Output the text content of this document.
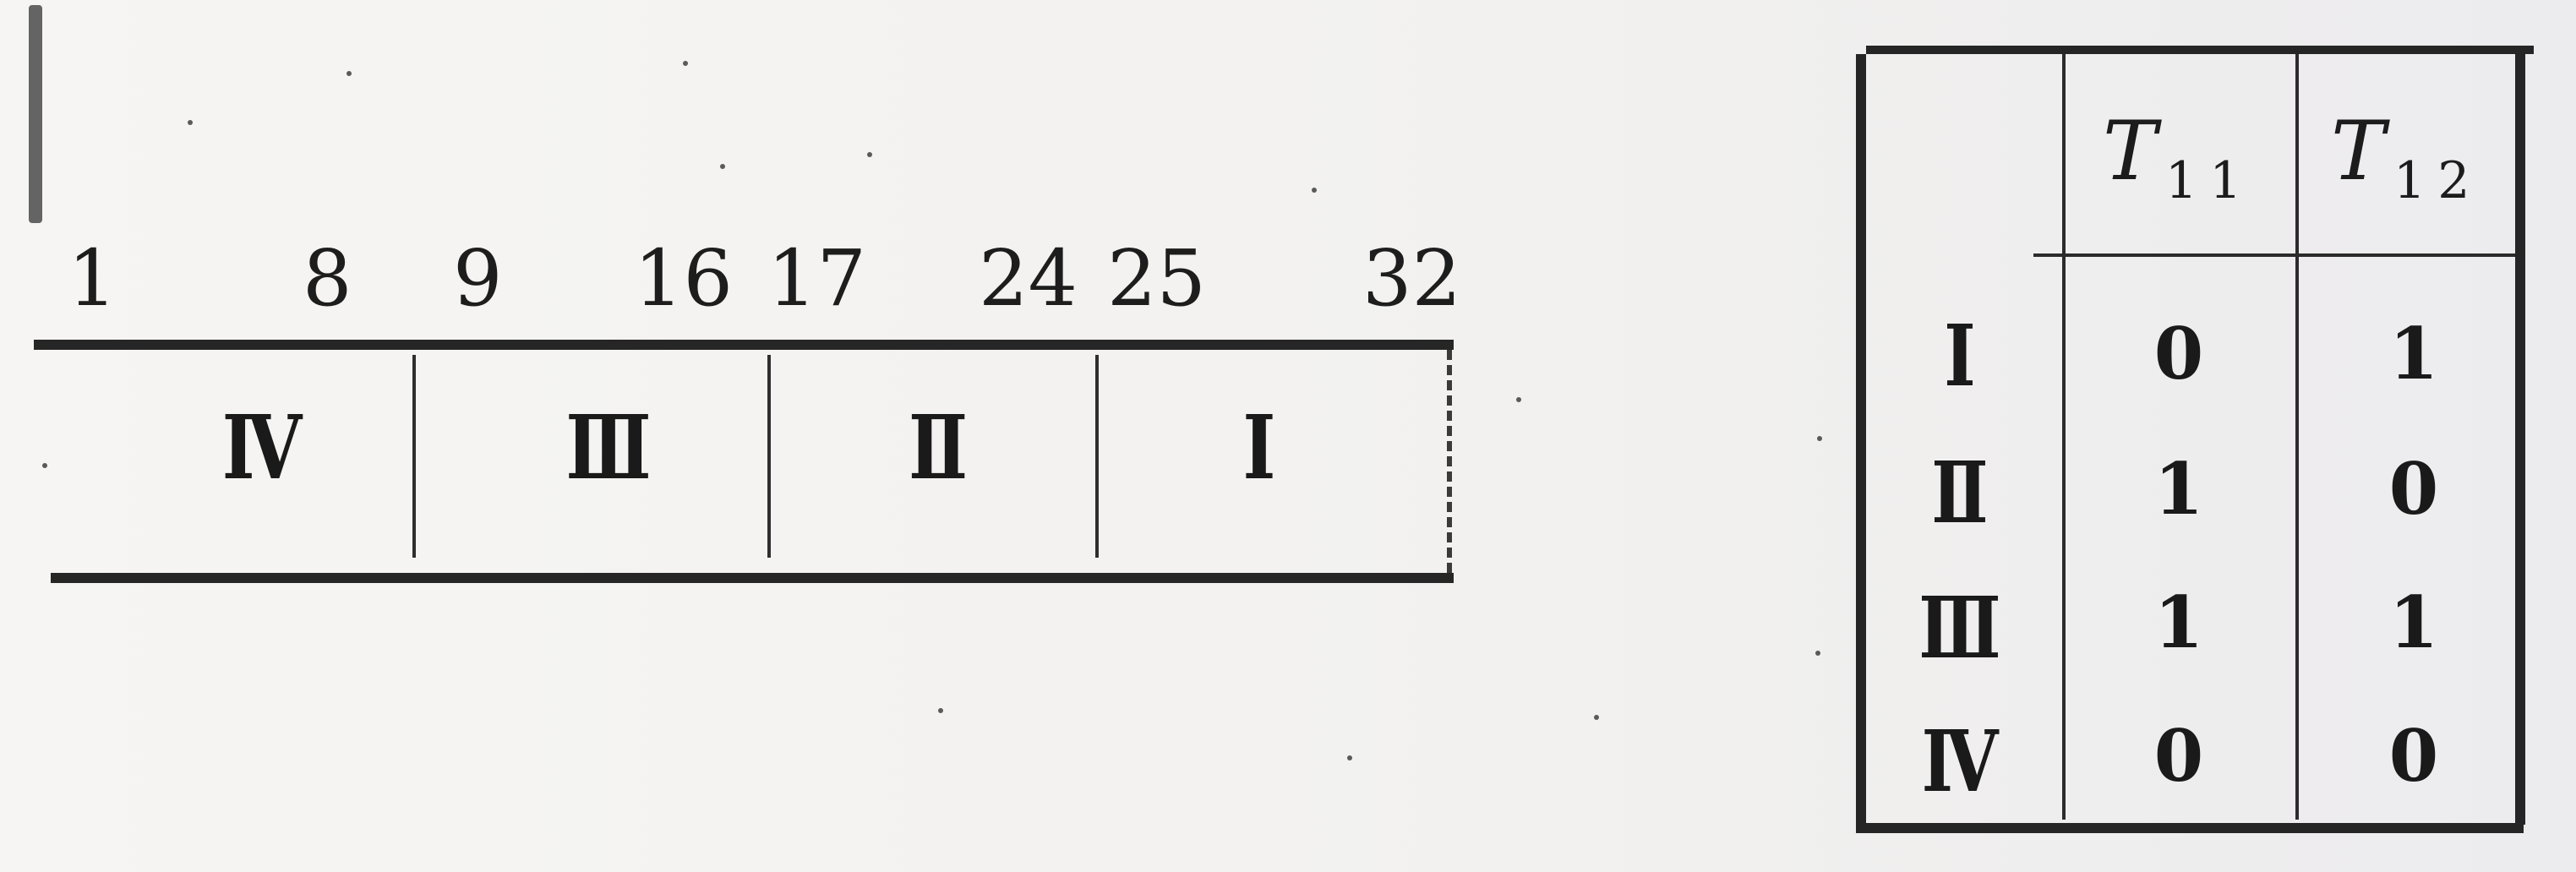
1 8 9 16 17 24 25 32
Ⅳ	Ⅲ	Ⅱ	Ⅰ
T $_{11}$ T $_{12}$
Ⅰ	0	1
Ⅱ	1	0
Ⅲ	1	1
Ⅳ	0	0
